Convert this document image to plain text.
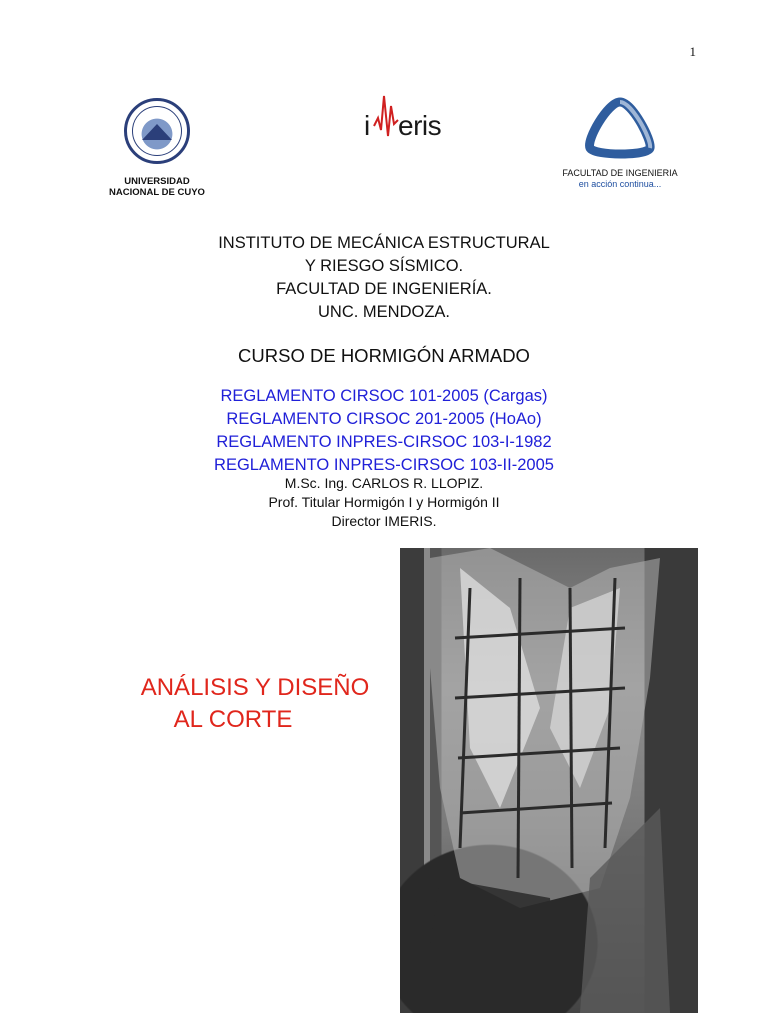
1
UNIVERSIDAD
NACIONAL DE CUYO
i eris
FACULTAD DE INGENIERIA
en acción continua...
INSTITUTO DE MECÁNICA ESTRUCTURAL
Y RIESGO SÍSMICO.
FACULTAD DE INGENIERÍA.
UNC. MENDOZA.
CURSO DE HORMIGÓN ARMADO
REGLAMENTO CIRSOC 101-2005 (Cargas)
REGLAMENTO CIRSOC 201-2005 (HoAo)
REGLAMENTO INPRES-CIRSOC 103-I-1982
REGLAMENTO INPRES-CIRSOC 103-II-2005
M.Sc. Ing. CARLOS R. LLOPIZ.
Prof. Titular Hormigón I y Hormigón II
Director IMERIS.
ANÁLISIS Y DISEÑO
AL CORTE
